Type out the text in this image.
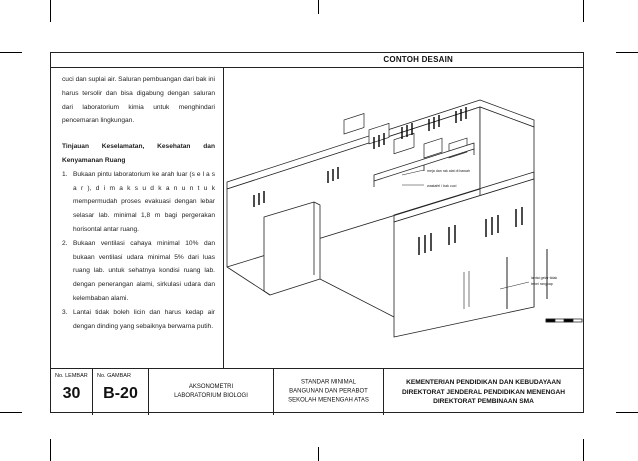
CONTOH DESAIN

cuci dan suplai air. Saluran pembuangan dari bak ini harus tersolir dan bisa digabung dengan saluran dari laboratorium kimia untuk menghindari pencemaran lingkungan.

Tinjauan Keselamatan, Kesehatan dan Kenyamanan Ruang

1. Bukaan pintu laboratorium ke arah luar (s e l a s a r ), d i m a k s u d k a n u n t u k mempermudah proses evakuasi dengan lebar selasar lab. minimal 1,8 m bagi pergerakan horisontal antar ruang.
2. Bukaan ventilasi cahaya minimal 10% dan bukaan ventilasi udara minimal 5% dari luas ruang lab. untuk sehatnya kondisi ruang lab. dengan penerangan alami, sirkulasi udara dan kelembaban alami.
3. Lantai tidak boleh licin dan harus kedap air dengan dinding yang sebaiknya berwarna putih.
meja dan rak alat di bawah
wastafel / bak cuci
lantai gelar tidak
tebel rangkap
No. LEMBAR
30
No. GAMBAR
B-20	AKSONOMETRI
LABORATORIUM BIOLOGI
STANDAR MINIMAL
BANGUNAN DAN PERABOT
SEKOLAH MENENGAH ATAS
KEMENTERIAN PENDIDIKAN DAN KEBUDAYAAN
DIREKTORAT JENDERAL PENDIDIKAN MENENGAH
DIREKTORAT PEMBINAAN SMA
